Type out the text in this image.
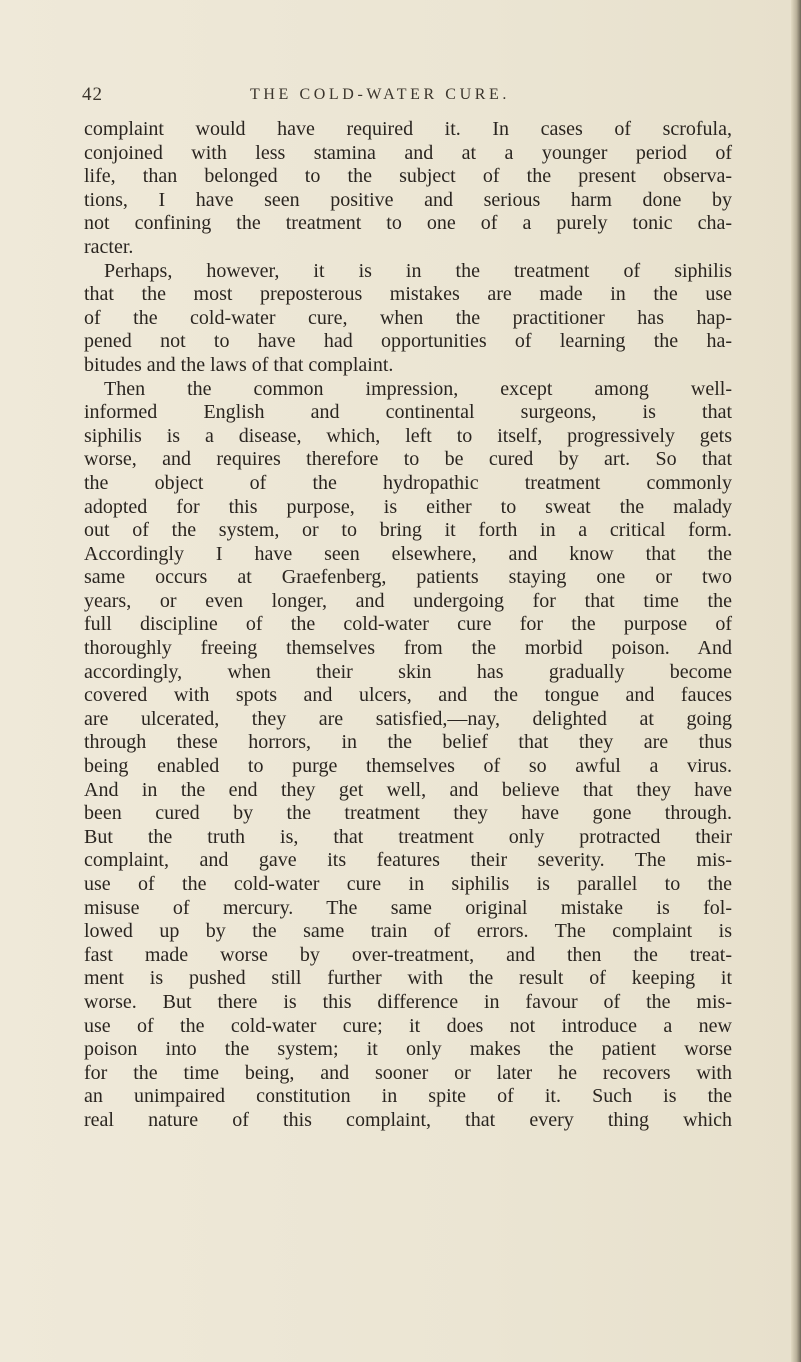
42	THE COLD-WATER CURE.
complaint would have required it. In cases of scrofula,
conjoined with less stamina and at a younger period of
life, than belonged to the subject of the present observa-
tions, I have seen positive and serious harm done by
not confining the treatment to one of a purely tonic cha-
racter.
Perhaps, however, it is in the treatment of siphilis
that the most preposterous mistakes are made in the use
of the cold-water cure, when the practitioner has hap-
pened not to have had opportunities of learning the ha-
bitudes and the laws of that complaint.
Then the common impression, except among well-
informed English and continental surgeons, is that
siphilis is a disease, which, left to itself, progressively gets
worse, and requires therefore to be cured by art. So that
the object of the hydropathic treatment commonly
adopted for this purpose, is either to sweat the malady
out of the system, or to bring it forth in a critical form.
Accordingly I have seen elsewhere, and know that the
same occurs at Graefenberg, patients staying one or two
years, or even longer, and undergoing for that time the
full discipline of the cold-water cure for the purpose of
thoroughly freeing themselves from the morbid poison. And
accordingly, when their skin has gradually become
covered with spots and ulcers, and the tongue and fauces
are ulcerated, they are satisfied,—nay, delighted at going
through these horrors, in the belief that they are thus
being enabled to purge themselves of so awful a virus.
And in the end they get well, and believe that they have
been cured by the treatment they have gone through.
But the truth is, that treatment only protracted their
complaint, and gave its features their severity. The mis-
use of the cold-water cure in siphilis is parallel to the
misuse of mercury. The same original mistake is fol-
lowed up by the same train of errors. The complaint is
fast made worse by over-treatment, and then the treat-
ment is pushed still further with the result of keeping it
worse. But there is this difference in favour of the mis-
use of the cold-water cure; it does not introduce a new
poison into the system; it only makes the patient worse
for the time being, and sooner or later he recovers with
an unimpaired constitution in spite of it. Such is the
real nature of this complaint, that every thing which
